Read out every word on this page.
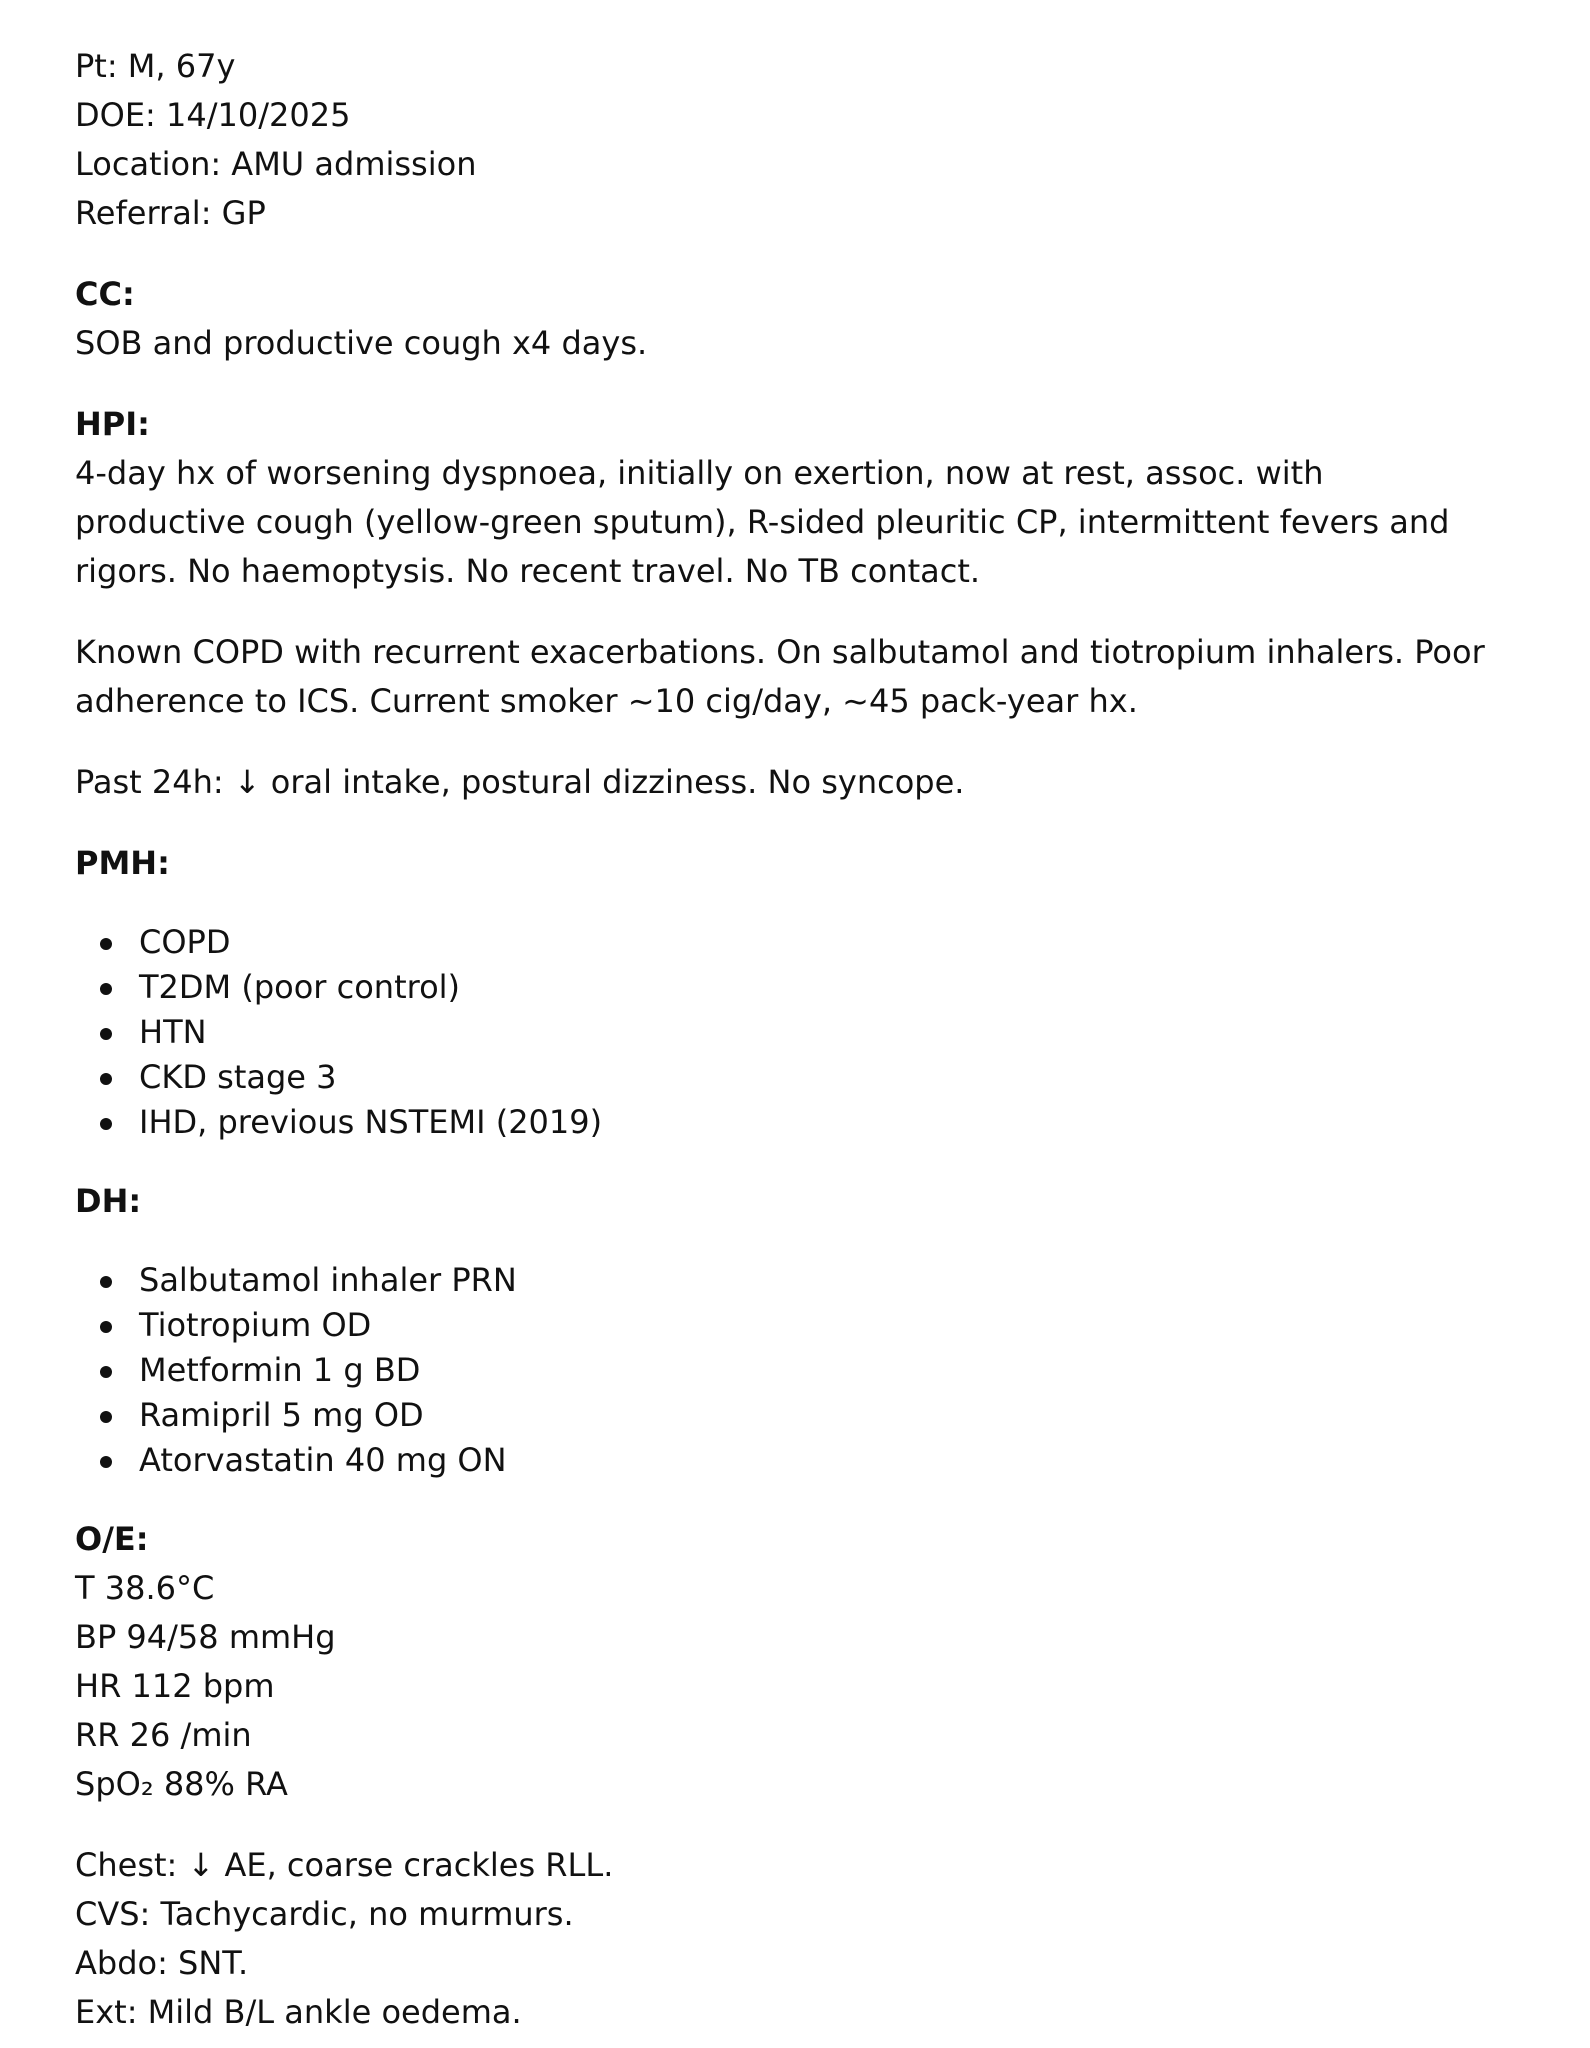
Pt: M, 67y
DOE: 14/10/2025
Location: AMU admission
Referral: GP
CC:
SOB and productive cough x4 days.
HPI:

4-day hx of worsening dyspnoea, initially on exertion, now at rest, assoc. with productive cough (yellow-green sputum), R-sided pleuritic CP, intermittent fevers and rigors. No haemoptysis. No recent travel. No TB contact.

Known COPD with recurrent exacerbations. On salbutamol and tiotropium inhalers. Poor adherence to ICS. Current smoker ~10 cig/day, ~45 pack-year hx.

Past 24h: ↓ oral intake, postural dizziness. No syncope.

PMH:
COPD
T2DM (poor control)
HTN
CKD stage 3
IHD, previous NSTEMI (2019)
DH:
Salbutamol inhaler PRN
Tiotropium OD
Metformin 1 g BD
Ramipril 5 mg OD
Atorvastatin 40 mg ON
O/E:
T 38.6°C
BP 94/58 mmHg
HR 112 bpm
RR 26 /min
SpO₂ 88% RA
Chest: ↓ AE, coarse crackles RLL.
CVS: Tachycardic, no murmurs.
Abdo: SNT.
Ext: Mild B/L ankle oedema.
